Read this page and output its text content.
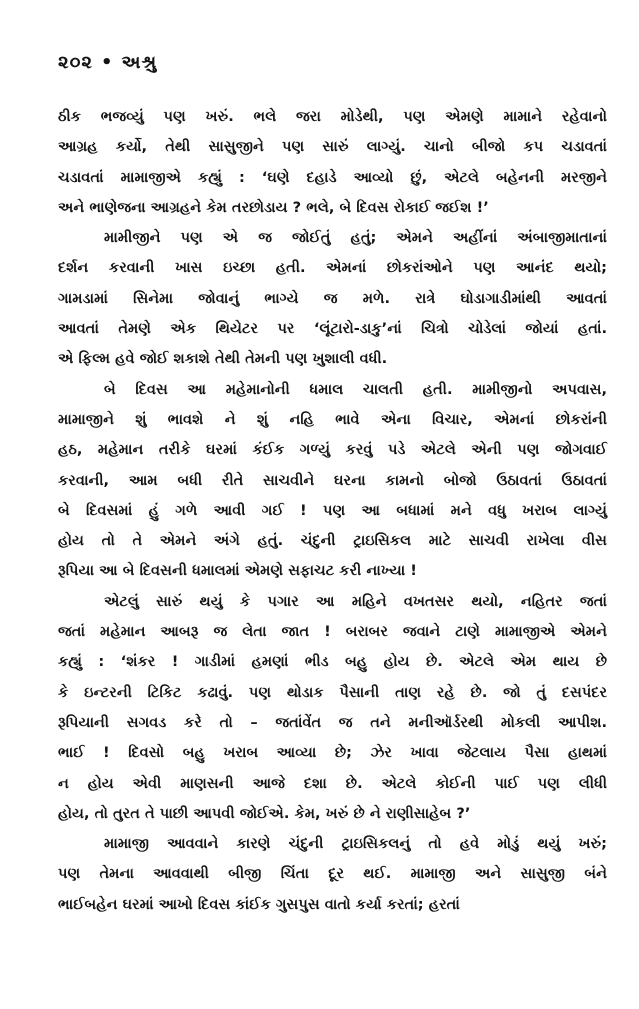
૨૦૨ • અશ્રુ
ઠીક ભજવ્યું પણ ખરું. ભલે જરા મોડેથી, પણ એમણે મામાને રહેવાનો
આગ્રહ કર્યો, તેથી સાસુજીને પણ સારું લાગ્યું. ચાનો બીજો કપ ચડાવતાં
ચડાવતાં મામાજીએ કહ્યું : ‘ઘણે દહાડે આવ્યો છું, એટલે બહેનની મરજીને
અને ભાણેજના આગ્રહને કેમ તરછોડાય ? ભલે, બે દિવસ રોકાઈ જઈશ !’
મામીજીને પણ એ જ જોઈતું હતું; એમને અહીંનાં અંબાજીમાતાનાં
દર્શન કરવાની ખાસ ઇચ્છા હતી. એમનાં છોકરાંઓને પણ આનંદ થયો;
ગામડામાં સિનેમા જોવાનું ભાગ્યે જ મળે. રાત્રે ઘોડાગાડીમાંથી આવતાં
આવતાં તેમણે એક થિયેટર પર ‘લૂંટારો-ડાકુ’નાં ચિત્રો ચોડેલાં જોયાં હતાં.
એ ફિલ્મ હવે જોઈ શકાશે તેથી તેમની પણ ખુશાલી વધી.
બે દિવસ આ મહેમાનોની ધમાલ ચાલતી હતી. મામીજીનો અપવાસ,
મામાજીને શું ભાવશે ને શું નહિ ભાવે એના વિચાર, એમનાં છોકરાંની
હઠ, મહેમાન તરીકે ઘરમાં કંઈક ગળ્યું કરવું પડે એટલે એની પણ જોગવાઈ
કરવાની, આમ બધી રીતે સાચવીને ઘરના કામનો બોજો ઉઠાવતાં ઉઠાવતાં
બે દિવસમાં હું ગળે આવી ગઈ ! પણ આ બધામાં મને વધુ ખરાબ લાગ્યું
હોય તો તે એમને અંગે હતું. ચંદુની ટ્રાઇસિકલ માટે સાચવી રાખેલા વીસ
રૂપિયા આ બે દિવસની ધમાલમાં એમણે સફાચટ કરી નાખ્યા !
એટલું સારું થયું કે પગાર આ મહિને વખતસર થયો, નહિતર જતાં
જતાં મહેમાન આબરૂ જ લેતા જાત ! બરાબર જવાને ટાણે મામાજીએ એમને
કહ્યું : ‘શંકર ! ગાડીમાં હમણાં ભીડ બહુ હોય છે. એટલે એમ થાય છે
કે ઇન્ટરની ટિકિટ કઢાવું. પણ થોડાક પૈસાની તાણ રહે છે. જો તું દસપંદર
રૂપિયાની સગવડ કરે તો – જતાંવેંત જ તને મનીઑર્ડરથી મોકલી આપીશ.
ભાઈ ! દિવસો બહુ ખરાબ આવ્યા છે; ઝેર ખાવા જેટલાય પૈસા હાથમાં
ન હોય એવી માણસની આજે દશા છે. એટલે કોઈની પાઈ પણ લીધી
હોય, તો તુરત તે પાછી આપવી જોઈએ. કેમ, ખરું છે ને રાણીસાહેબ ?’
મામાજી આવવાને કારણે ચંદુની ટ્રાઇસિકલનું તો હવે મોડું થયું ખરું;
પણ તેમના આવવાથી બીજી ચિંતા દૂર થઈ. મામાજી અને સાસુજી બંને
ભાઈબહેન ઘરમાં આખો દિવસ કાંઈક ગુસપુસ વાતો કર્યા કરતાં; હરતાં
